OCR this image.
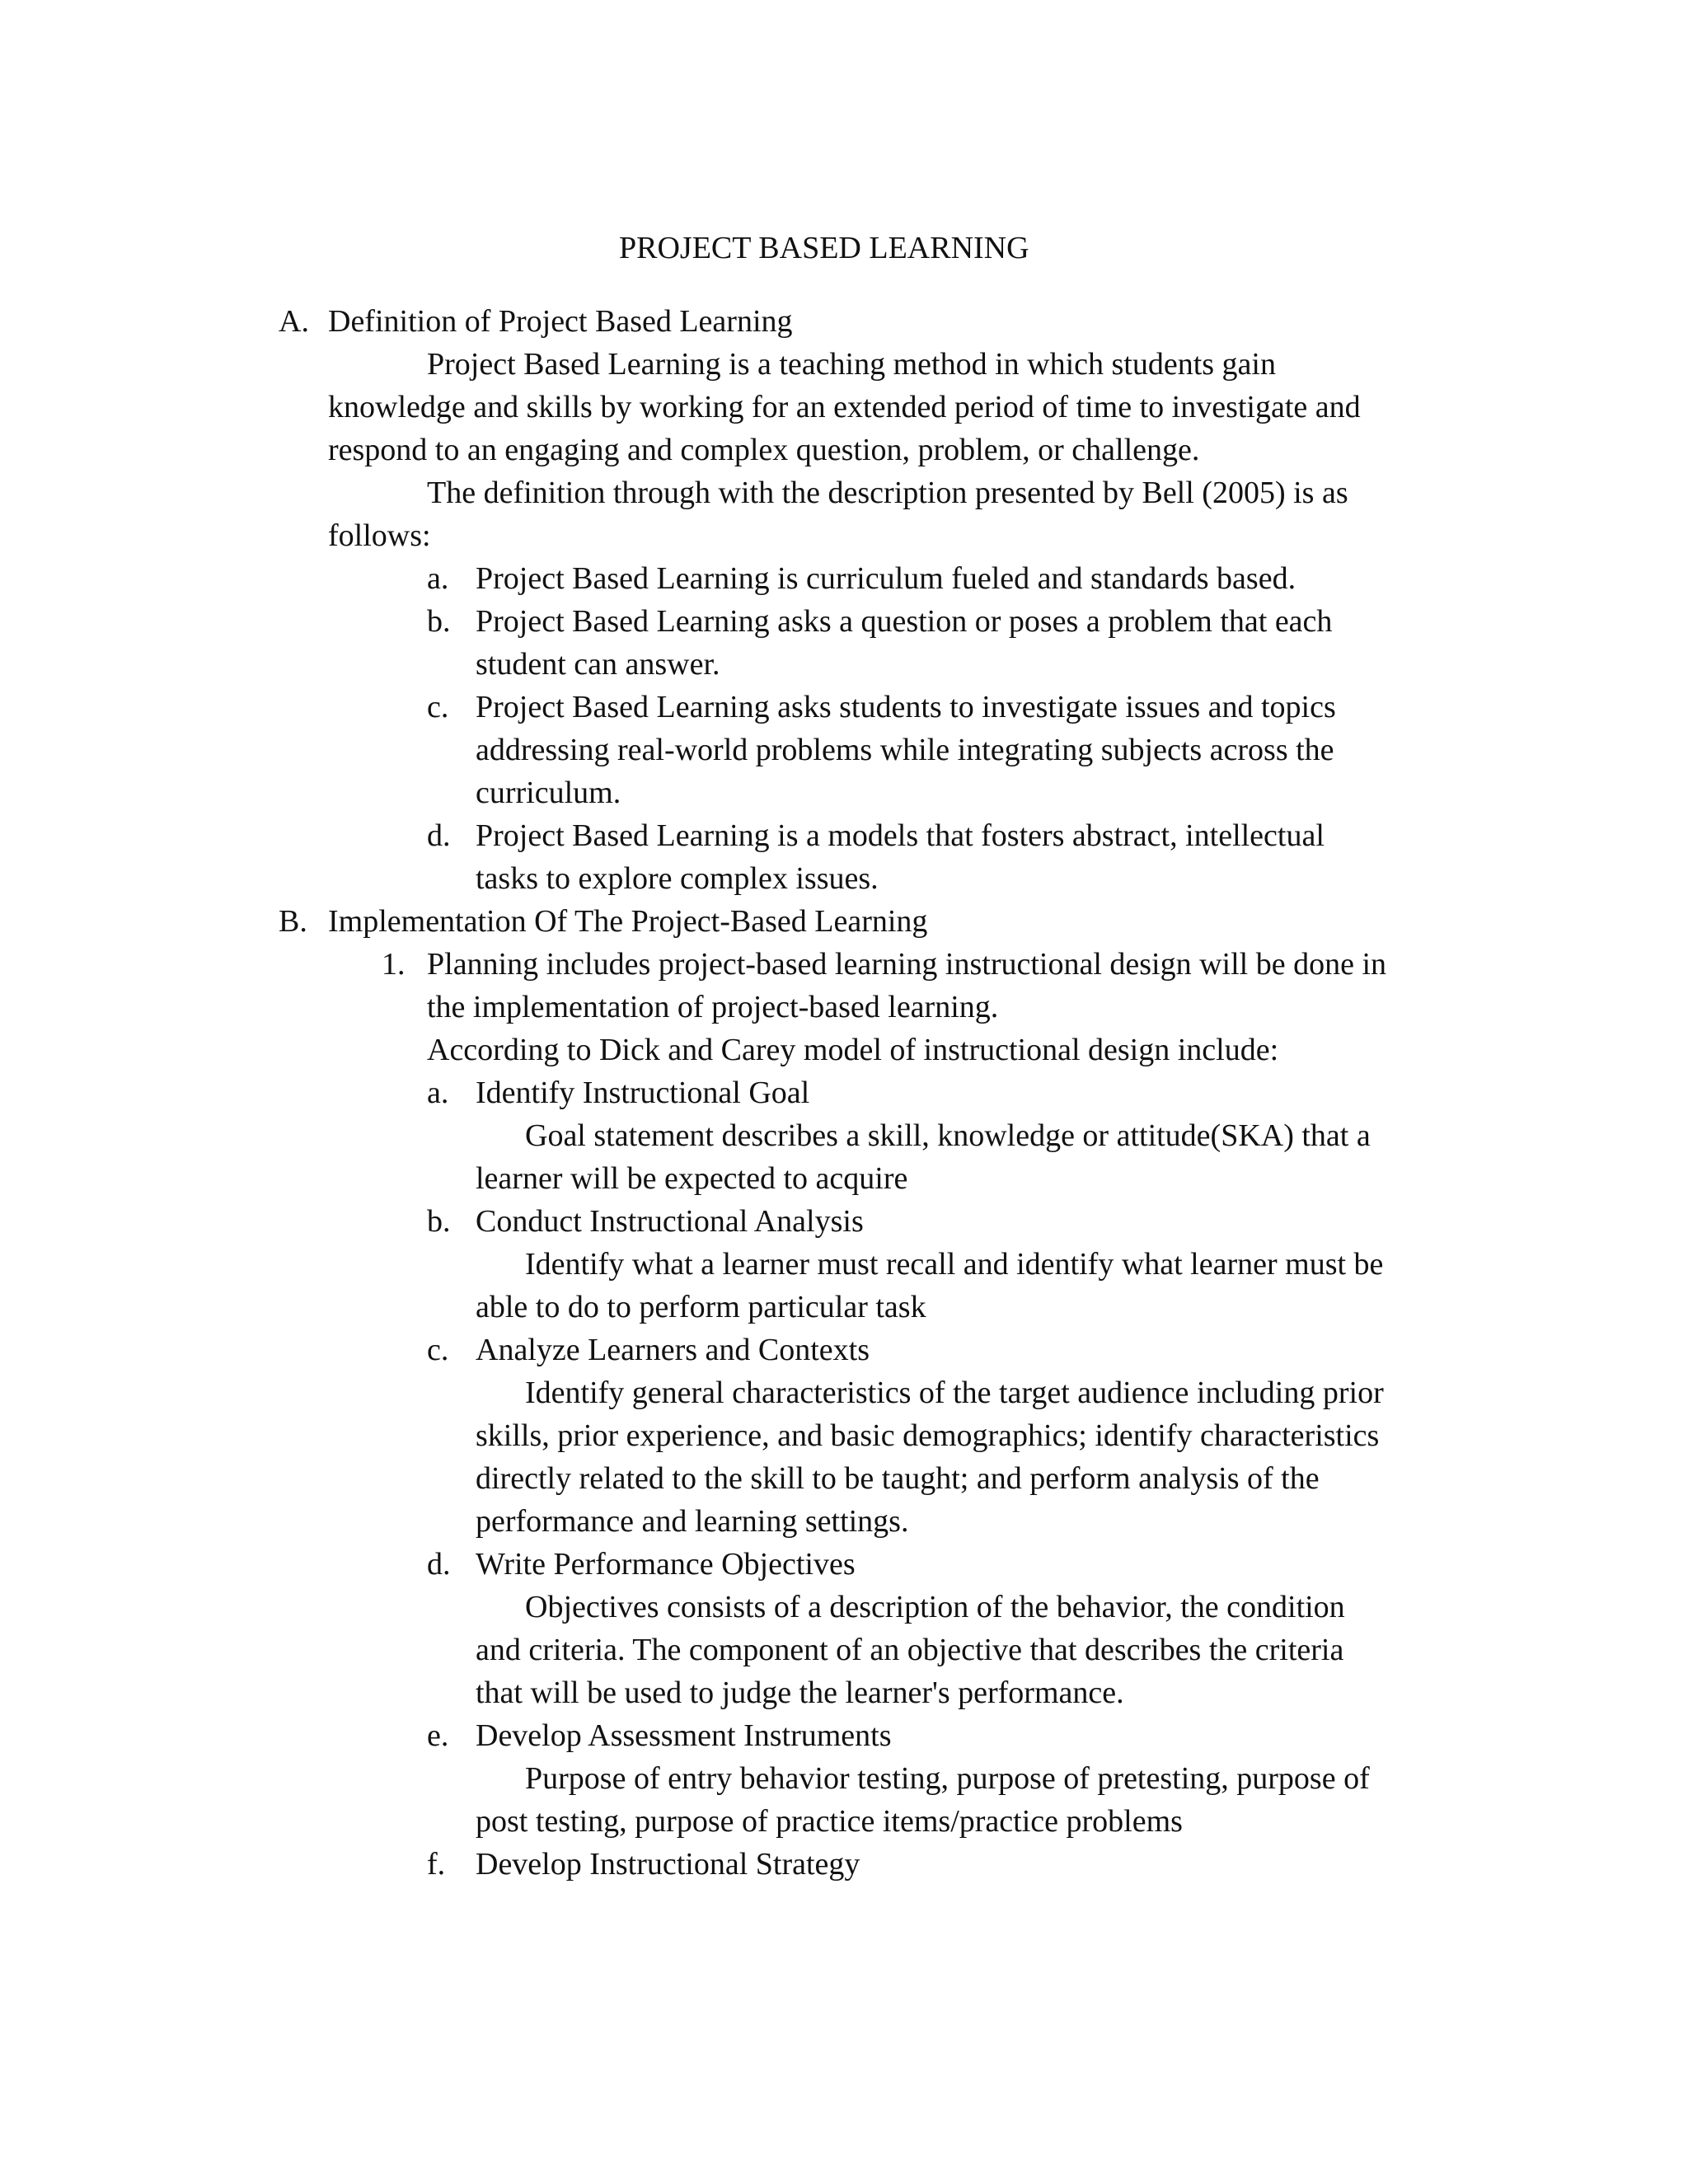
PROJECT BASED LEARNING
A. Definition of Project Based Learning
Project Based Learning is a teaching method in which students gain
knowledge and skills by working for an extended period of time to investigate and
respond to an engaging and complex question, problem, or challenge.
The definition through with the description presented by Bell (2005) is as
follows:
a. Project Based Learning is curriculum fueled and standards based.
b. Project Based Learning asks a question or poses a problem that each
student can answer.
c. Project Based Learning asks students to investigate issues and topics
addressing real-world problems while integrating subjects across the
curriculum.
d. Project Based Learning is a models that fosters abstract, intellectual
tasks to explore complex issues.
B. Implementation Of The Project-Based Learning
1. Planning includes project-based learning instructional design will be done in
the implementation of project-based learning.
According to Dick and Carey model of instructional design include:
a. Identify Instructional Goal
Goal statement describes a skill, knowledge or attitude(SKA) that a
learner will be expected to acquire
b. Conduct Instructional Analysis
Identify what a learner must recall and identify what learner must be
able to do to perform particular task
c. Analyze Learners and Contexts
Identify general characteristics of the target audience including prior
skills, prior experience, and basic demographics; identify characteristics
directly related to the skill to be taught; and perform analysis of the
performance and learning settings.
d. Write Performance Objectives
Objectives consists of a description of the behavior, the condition
and criteria. The component of an objective that describes the criteria
that will be used to judge the learner's performance.
e. Develop Assessment Instruments
Purpose of entry behavior testing, purpose of pretesting, purpose of
post testing, purpose of practice items/practice problems
f. Develop Instructional Strategy
